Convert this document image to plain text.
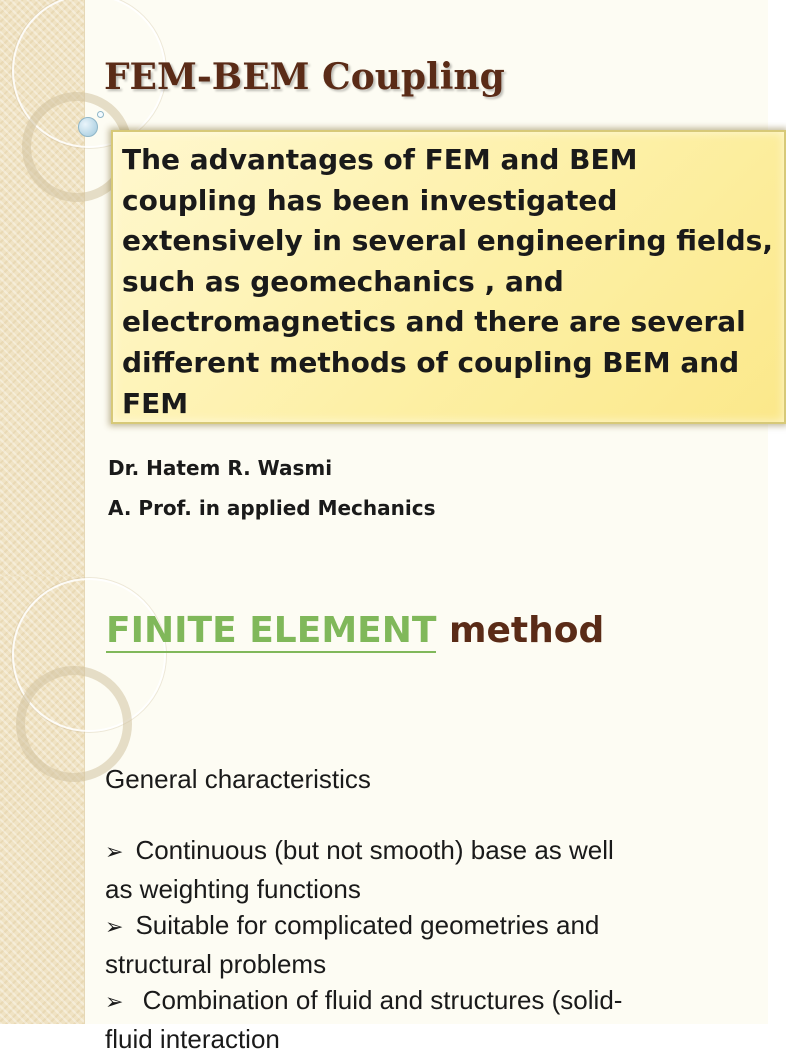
FEM-BEM Coupling

The advantages of FEM and BEM
coupling has been investigated
extensively in several engineering fields,
such as geomechanics , and
electromagnetics and there are several
different methods of coupling BEM and
FEM

Dr. Hatem R. Wasmi

A. Prof. in applied Mechanics

FINITE ELEMENT method

General characteristics

➢ Continuous (but not smooth) base as well
as weighting functions
➢ Suitable for complicated geometries and
structural problems
➢ Combination of fluid and structures (solid-
fluid interaction
